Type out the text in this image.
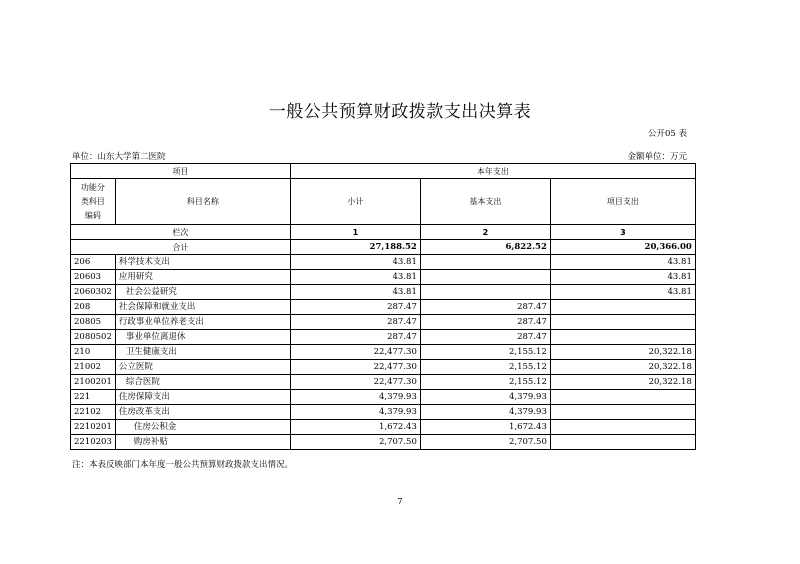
一般公共预算财政拨款支出决算表
公开05 表
单位：山东大学第二医院	金额单位：万元
项目		本年支出		

功能分
类科目
编码	科目名称	小计	基本支出	项目支出
栏次		1	2	3
合计		27,188.52	6,822.52	20,366.00
206	科学技术支出	43.81		43.81
20603	应用研究	43.81		43.81
2060302	社会公益研究	43.81		43.81
208	社会保障和就业支出	287.47	287.47	
20805	行政事业单位养老支出	287.47	287.47	
2080502	事业单位离退休	287.47	287.47	
210	卫生健康支出	22,477.30	2,155.12	20,322.18
21002	公立医院	22,477.30	2,155.12	20,322.18
2100201	综合医院	22,477.30	2,155.12	20,322.18
221	住房保障支出	4,379.93	4,379.93	
22102	住房改革支出	4,379.93	4,379.93	
2210201	住房公积金	1,672.43	1,672.43	
2210203	购房补贴	2,707.50	2,707.50	
注：本表反映部门本年度一般公共预算财政拨款支出情况。
7
